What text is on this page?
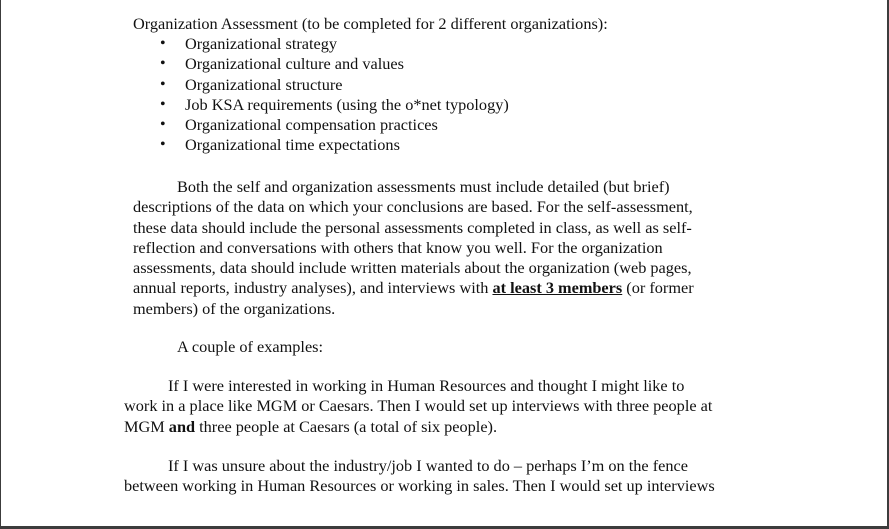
Organization Assessment (to be completed for 2 different organizations):
• Organizational strategy
• Organizational culture and values
• Organizational structure
• Job KSA requirements (using the o*net typology)
• Organizational compensation practices
• Organizational time expectations
Both the self and organization assessments must include detailed (but brief)
descriptions of the data on which your conclusions are based. For the self-assessment,
these data should include the personal assessments completed in class, as well as self-
reflection and conversations with others that know you well. For the organization
assessments, data should include written materials about the organization (web pages,
annual reports, industry analyses), and interviews with at least 3 members (or former
members) of the organizations.
A couple of examples:
If I were interested in working in Human Resources and thought I might like to
work in a place like MGM or Caesars. Then I would set up interviews with three people at
MGM and three people at Caesars (a total of six people).
If I was unsure about the industry/job I wanted to do – perhaps I’m on the fence
between working in Human Resources or working in sales. Then I would set up interviews
